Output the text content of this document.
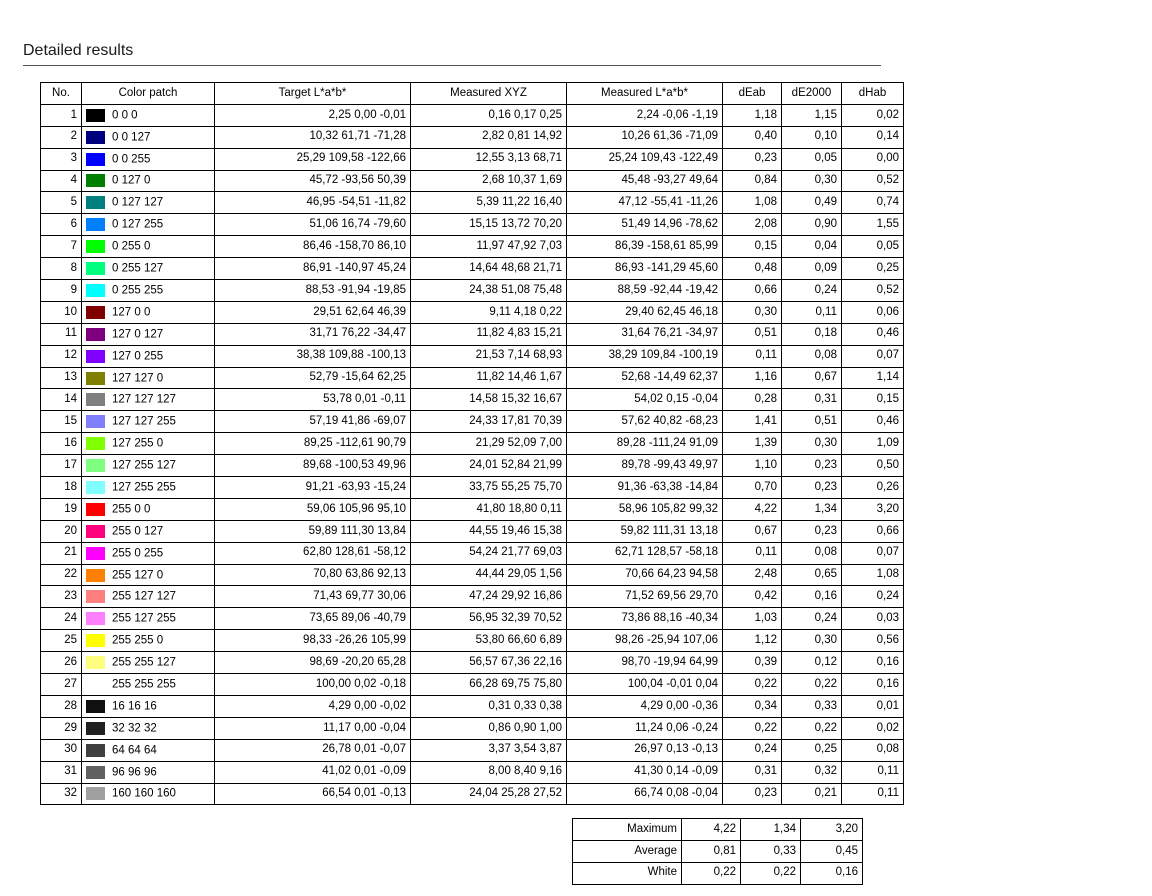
Detailed results
No.	Color patch	Target L*a*b*	Measured XYZ	Measured L*a*b*	dEab	dE2000	dHab
1	0 0 0	2,25 0,00 -0,01	0,16 0,17 0,25	2,24 -0,06 -1,19	1,18	1,15	0,02
2	0 0 127	10,32 61,71 -71,28	2,82 0,81 14,92	10,26 61,36 -71,09	0,40	0,10	0,14
3	0 0 255	25,29 109,58 -122,66	12,55 3,13 68,71	25,24 109,43 -122,49	0,23	0,05	0,00
4	0 127 0	45,72 -93,56 50,39	2,68 10,37 1,69	45,48 -93,27 49,64	0,84	0,30	0,52
5	0 127 127	46,95 -54,51 -11,82	5,39 11,22 16,40	47,12 -55,41 -11,26	1,08	0,49	0,74
6	0 127 255	51,06 16,74 -79,60	15,15 13,72 70,20	51,49 14,96 -78,62	2,08	0,90	1,55
7	0 255 0	86,46 -158,70 86,10	11,97 47,92 7,03	86,39 -158,61 85,99	0,15	0,04	0,05
8	0 255 127	86,91 -140,97 45,24	14,64 48,68 21,71	86,93 -141,29 45,60	0,48	0,09	0,25
9	0 255 255	88,53 -91,94 -19,85	24,38 51,08 75,48	88,59 -92,44 -19,42	0,66	0,24	0,52
10	127 0 0	29,51 62,64 46,39	9,11 4,18 0,22	29,40 62,45 46,18	0,30	0,11	0,06
11	127 0 127	31,71 76,22 -34,47	11,82 4,83 15,21	31,64 76,21 -34,97	0,51	0,18	0,46
12	127 0 255	38,38 109,88 -100,13	21,53 7,14 68,93	38,29 109,84 -100,19	0,11	0,08	0,07
13	127 127 0	52,79 -15,64 62,25	11,82 14,46 1,67	52,68 -14,49 62,37	1,16	0,67	1,14
14	127 127 127	53,78 0,01 -0,11	14,58 15,32 16,67	54,02 0,15 -0,04	0,28	0,31	0,15
15	127 127 255	57,19 41,86 -69,07	24,33 17,81 70,39	57,62 40,82 -68,23	1,41	0,51	0,46
16	127 255 0	89,25 -112,61 90,79	21,29 52,09 7,00	89,28 -111,24 91,09	1,39	0,30	1,09
17	127 255 127	89,68 -100,53 49,96	24,01 52,84 21,99	89,78 -99,43 49,97	1,10	0,23	0,50
18	127 255 255	91,21 -63,93 -15,24	33,75 55,25 75,70	91,36 -63,38 -14,84	0,70	0,23	0,26
19	255 0 0	59,06 105,96 95,10	41,80 18,80 0,11	58,96 105,82 99,32	4,22	1,34	3,20
20	255 0 127	59,89 111,30 13,84	44,55 19,46 15,38	59,82 111,31 13,18	0,67	0,23	0,66
21	255 0 255	62,80 128,61 -58,12	54,24 21,77 69,03	62,71 128,57 -58,18	0,11	0,08	0,07
22	255 127 0	70,80 63,86 92,13	44,44 29,05 1,56	70,66 64,23 94,58	2,48	0,65	1,08
23	255 127 127	71,43 69,77 30,06	47,24 29,92 16,86	71,52 69,56 29,70	0,42	0,16	0,24
24	255 127 255	73,65 89,06 -40,79	56,95 32,39 70,52	73,86 88,16 -40,34	1,03	0,24	0,03
25	255 255 0	98,33 -26,26 105,99	53,80 66,60 6,89	98,26 -25,94 107,06	1,12	0,30	0,56
26	255 255 127	98,69 -20,20 65,28	56,57 67,36 22,16	98,70 -19,94 64,99	0,39	0,12	0,16
27	255 255 255	100,00 0,02 -0,18	66,28 69,75 75,80	100,04 -0,01 0,04	0,22	0,22	0,16
28	16 16 16	4,29 0,00 -0,02	0,31 0,33 0,38	4,29 0,00 -0,36	0,34	0,33	0,01
29	32 32 32	11,17 0,00 -0,04	0,86 0,90 1,00	11,24 0,06 -0,24	0,22	0,22	0,02
30	64 64 64	26,78 0,01 -0,07	3,37 3,54 3,87	26,97 0,13 -0,13	0,24	0,25	0,08
31	96 96 96	41,02 0,01 -0,09	8,00 8,40 9,16	41,30 0,14 -0,09	0,31	0,32	0,11
32	160 160 160	66,54 0,01 -0,13	24,04 25,28 27,52	66,74 0,08 -0,04	0,23	0,21	0,11
Maximum	4,22	1,34	3,20
Average	0,81	0,33	0,45
White	0,22	0,22	0,16
